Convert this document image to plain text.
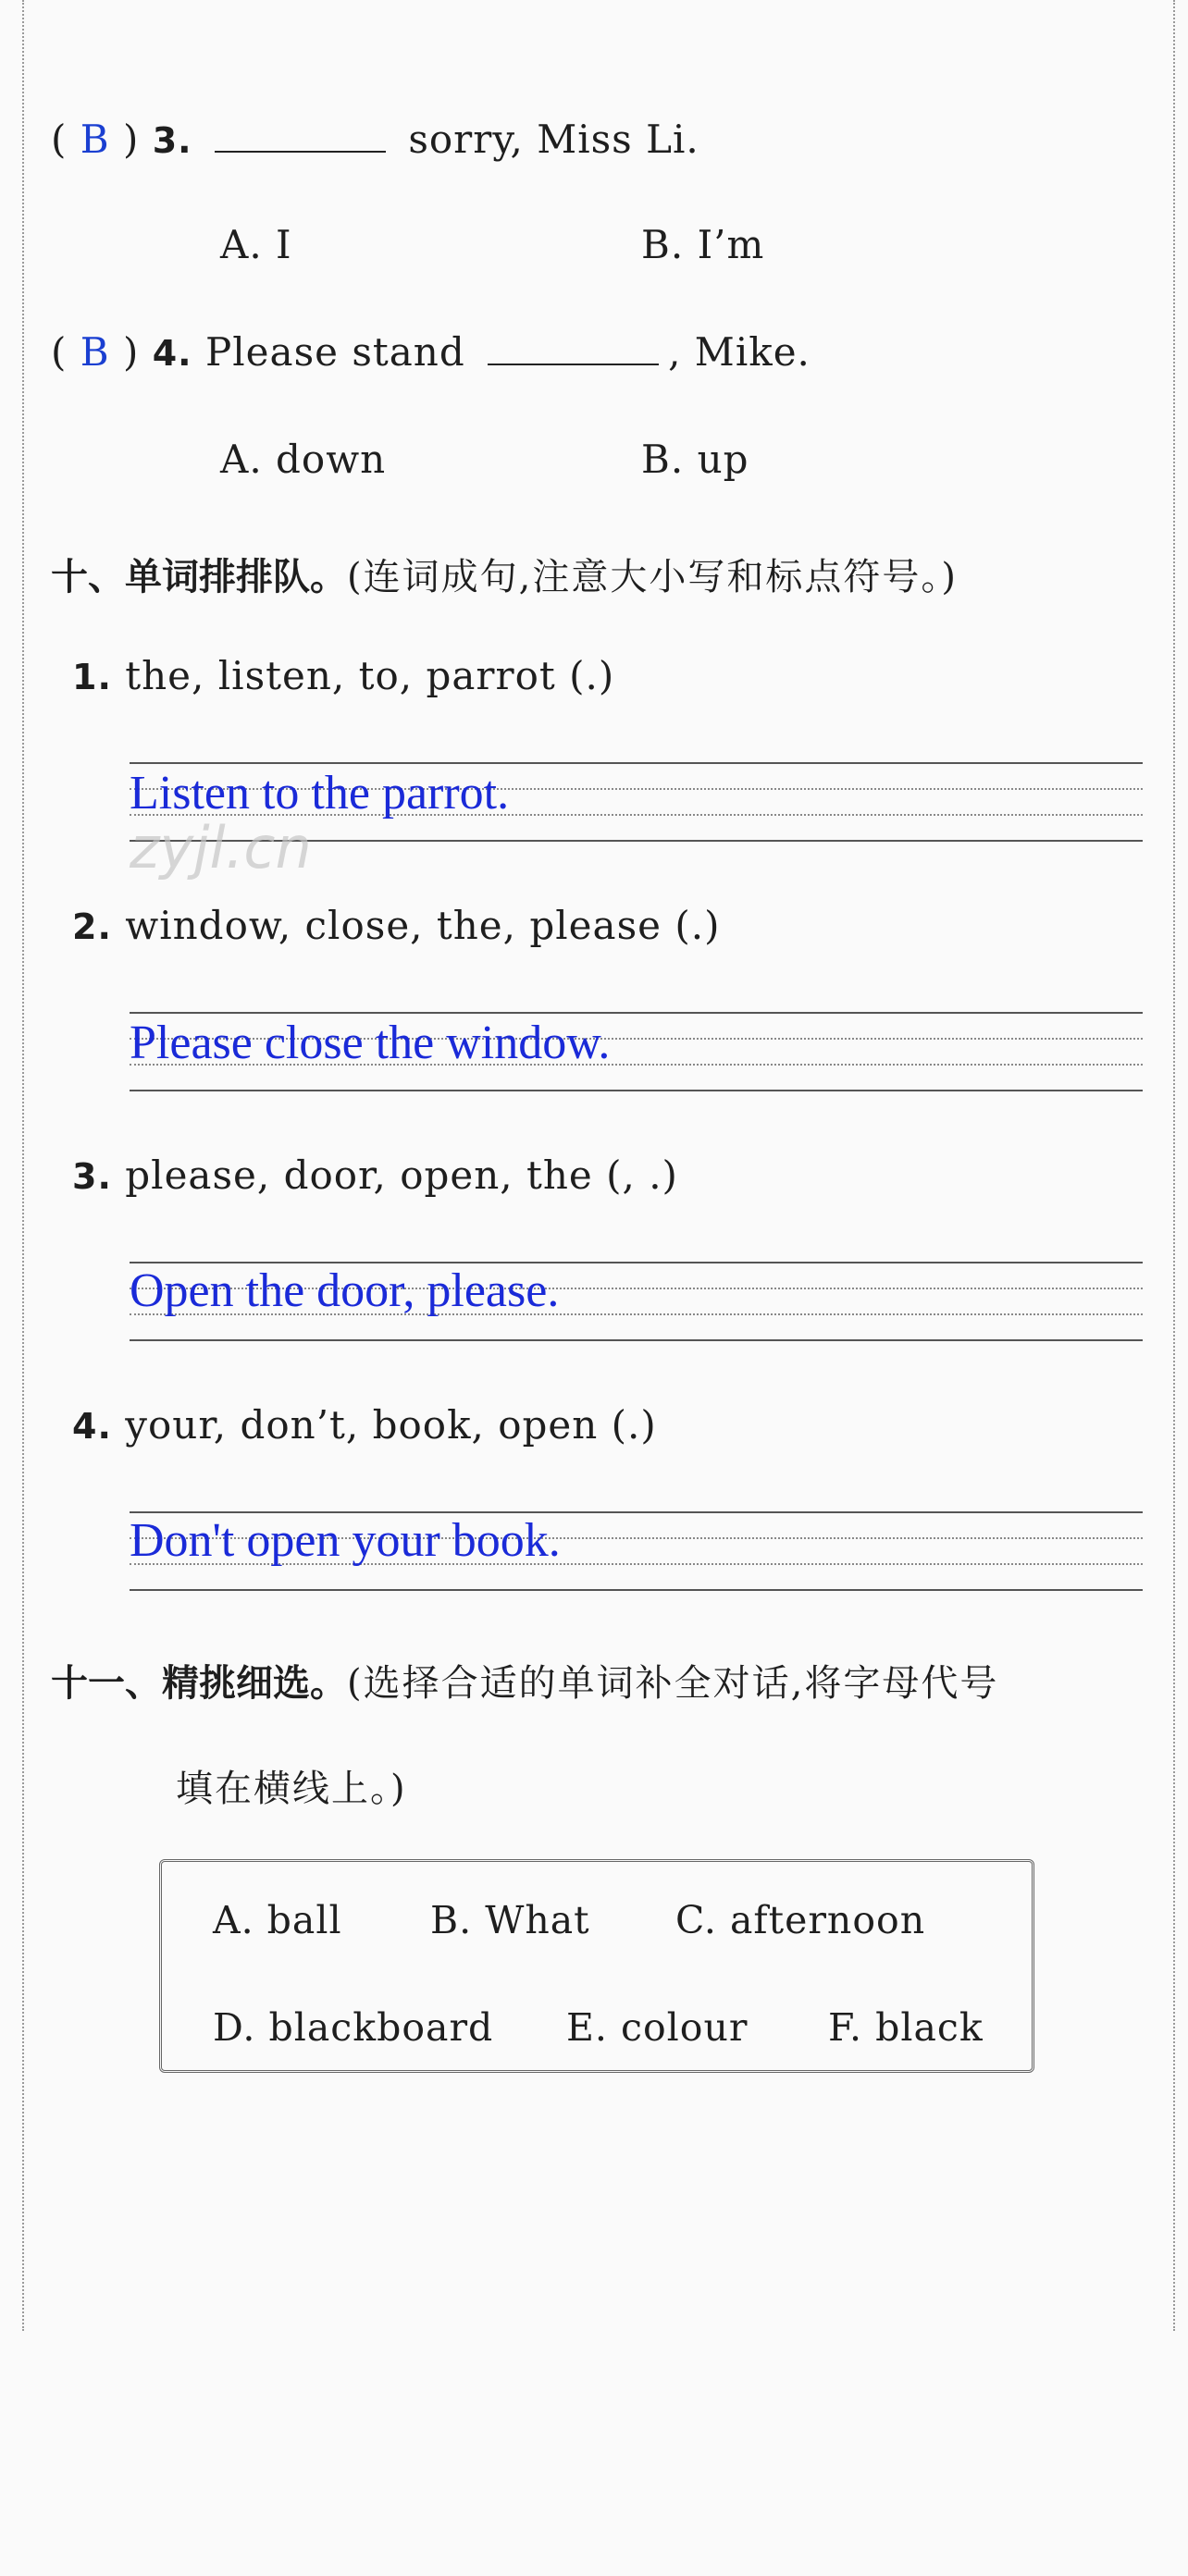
( B ) 3.	sorry, Miss Li.
A. I	B. I’m
( B ) 4. Please stand	, Mike.
A. down	B. up
十、单词排排队。(连词成句,注意大小写和标点符号。)
1. the, listen, to, parrot (.)
Listen to the parrot.
zyjl.cn
2. window, close, the, please (.)
Please close the window.
3. please, door, open, the (, .)
Open the door, please.
4. your, don’t, book, open (.)
Don't open your book.
十一、精挑细选。(选择合适的单词补全对话,将字母代号
填在横线上。)
A. ball B. What C. afternoon
D. blackboard E. colour F. black
